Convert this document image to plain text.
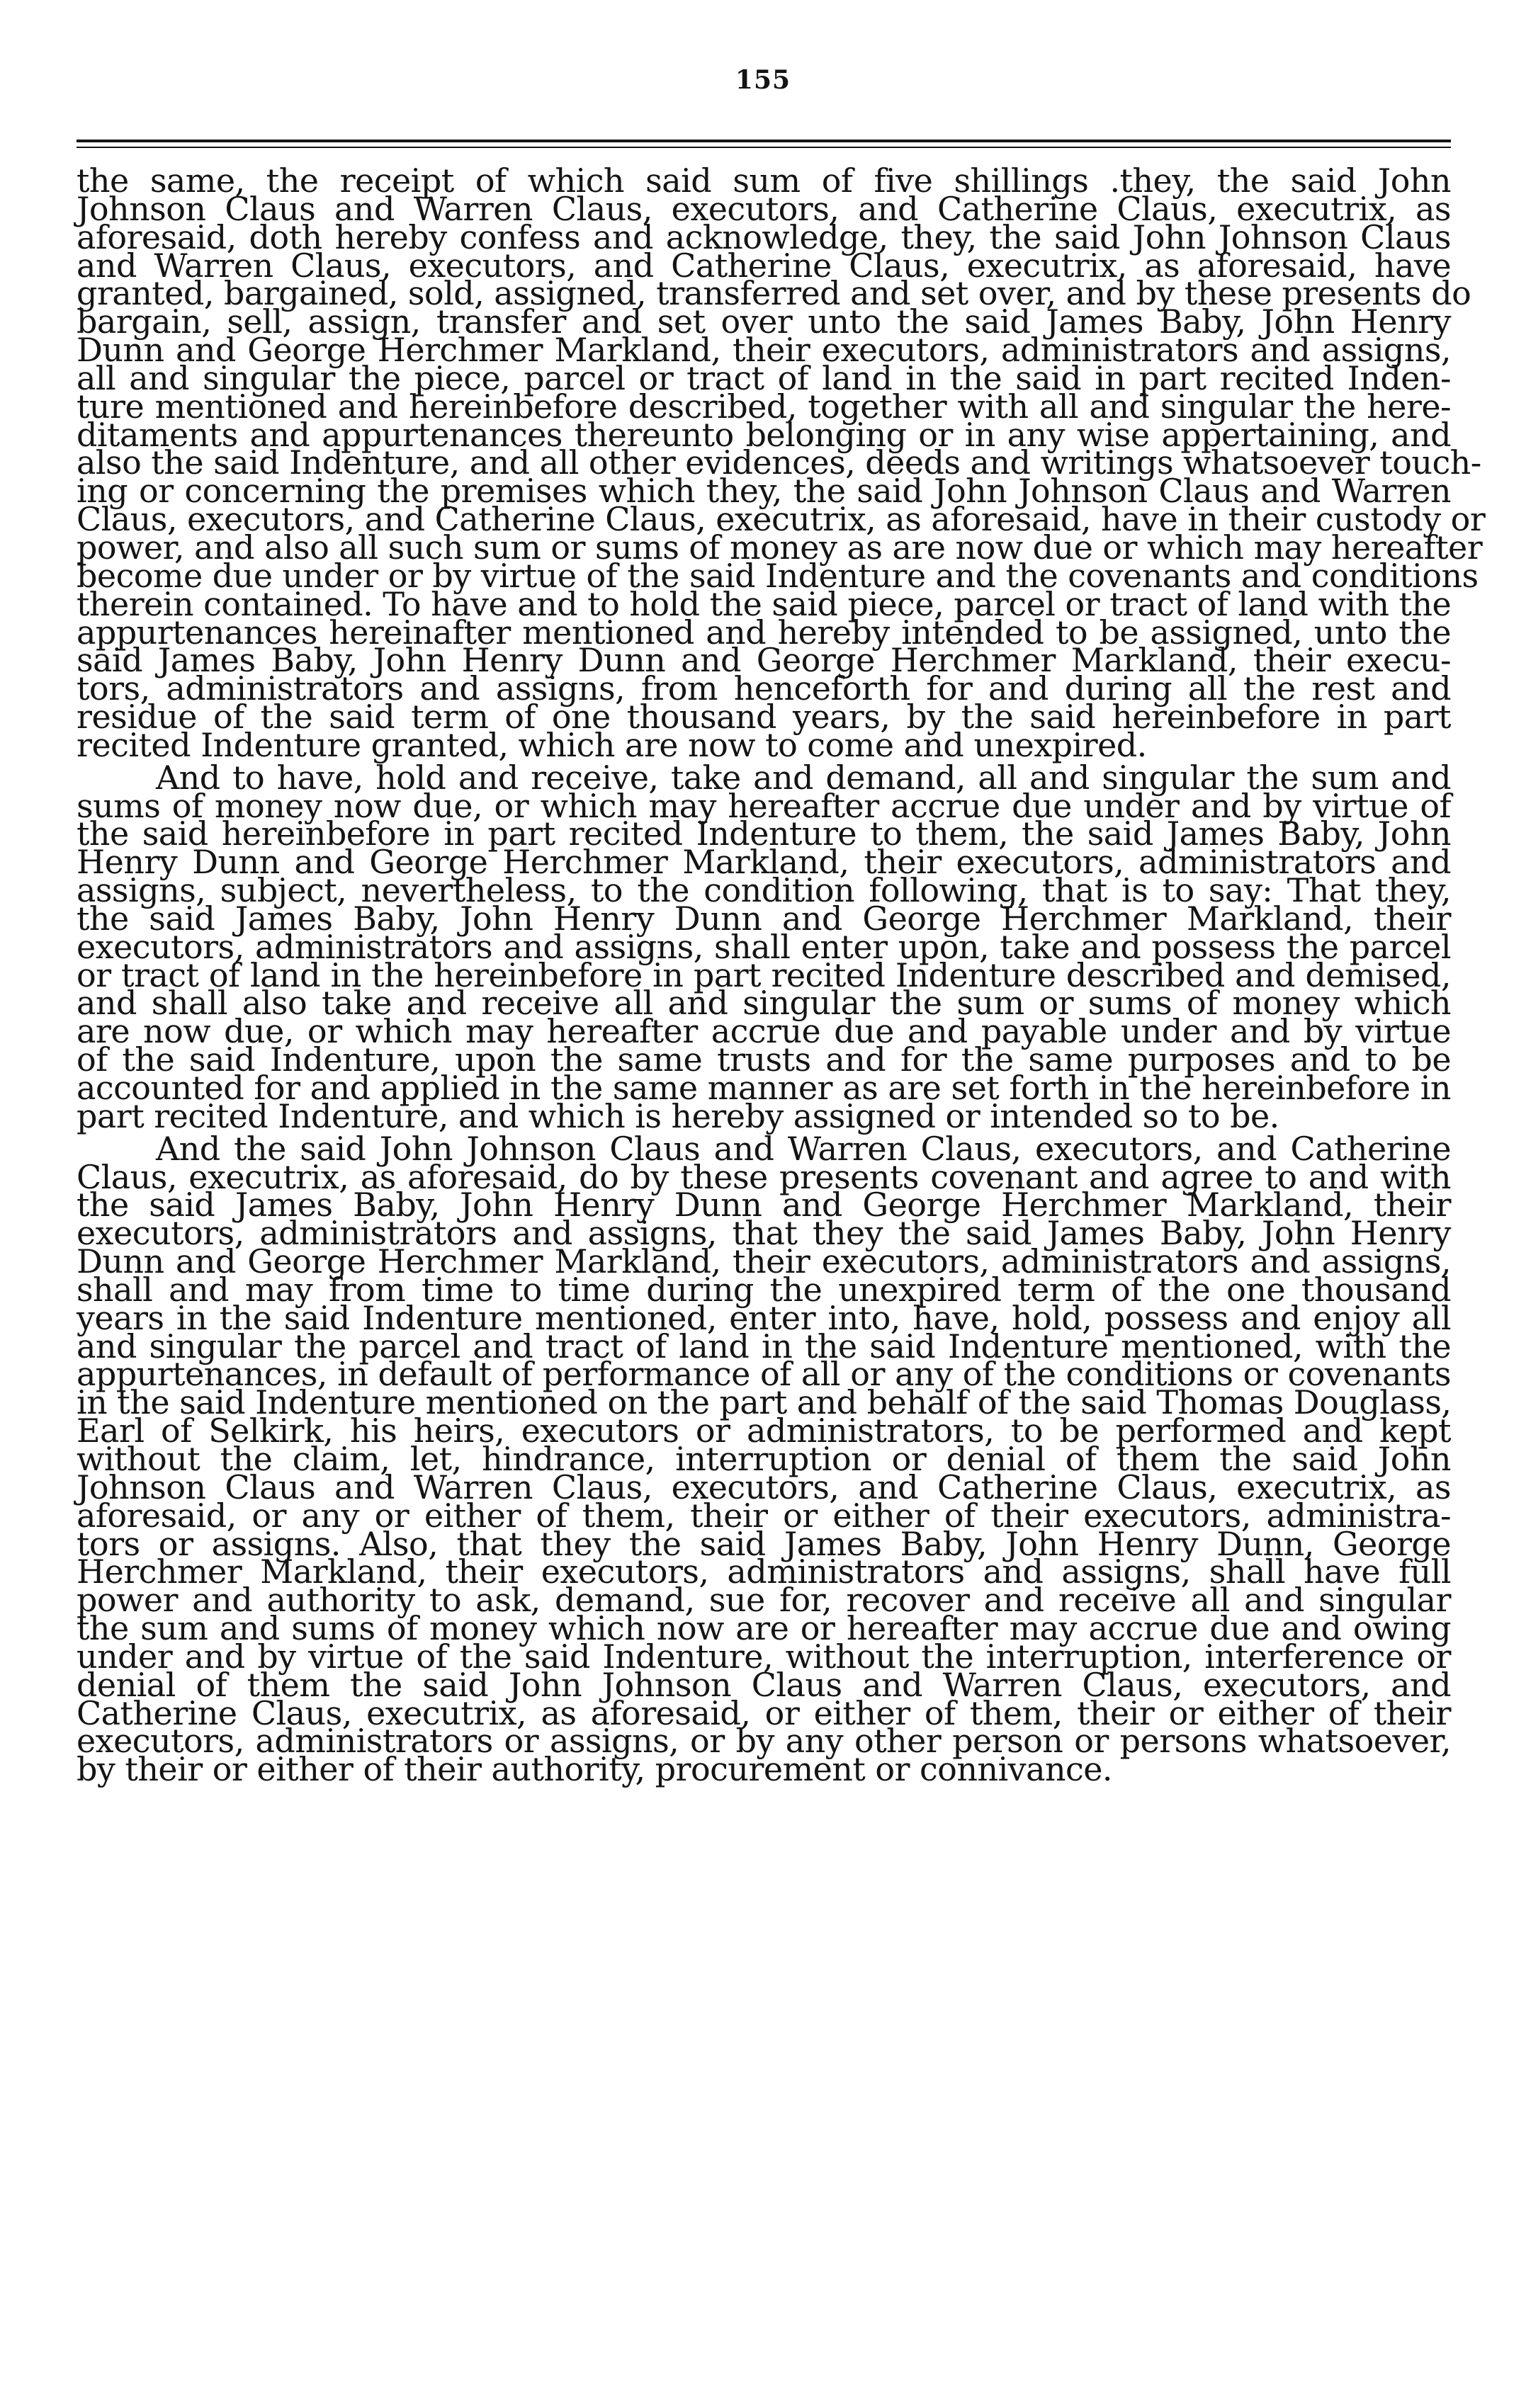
155
the same, the receipt of which said sum of five shillings .they, the said John
Johnson Claus and Warren Claus, executors, and Catherine Claus, executrix, as
aforesaid, doth hereby confess and acknowledge, they, the said John Johnson Claus
and Warren Claus, executors, and Catherine Claus, executrix, as aforesaid, have
granted, bargained, sold, assigned, transferred and set over, and by these presents do
bargain, sell, assign, transfer and set over unto the said James Baby, John Henry
Dunn and George Herchmer Markland, their executors, administrators and assigns,
all and singular the piece, parcel or tract of land in the said in part recited Inden-
ture mentioned and hereinbefore described, together with all and singular the here-
ditaments and appurtenances thereunto belonging or in any wise appertaining, and
also the said Indenture, and all other evidences, deeds and writings whatsoever touch-
ing or concerning the premises which they, the said John Johnson Claus and Warren
Claus, executors, and Catherine Claus, executrix, as aforesaid, have in their custody or
power, and also all such sum or sums of money as are now due or which may hereafter
become due under or by virtue of the said Indenture and the covenants and conditions
therein contained. To have and to hold the said piece, parcel or tract of land with the
appurtenances hereinafter mentioned and hereby intended to be assigned, unto the
said James Baby, John Henry Dunn and George Herchmer Markland, their execu-
tors, administrators and assigns, from henceforth for and during all the rest and
residue of the said term of one thousand years, by the said hereinbefore in part
recited Indenture granted, which are now to come and unexpired.
And to have, hold and receive, take and demand, all and singular the sum and
sums of money now due, or which may hereafter accrue due under and by virtue of
the said hereinbefore in part recited Indenture to them, the said James Baby, John
Henry Dunn and George Herchmer Markland, their executors, administrators and
assigns, subject, nevertheless, to the condition following, that is to say: That they,
the said James Baby, John Henry Dunn and George Herchmer Markland, their
executors, administrators and assigns, shall enter upon, take and possess the parcel
or tract of land in the hereinbefore in part recited Indenture described and demised,
and shall also take and receive all and singular the sum or sums of money which
are now due, or which may hereafter accrue due and payable under and by virtue
of the said Indenture, upon the same trusts and for the same purposes and to be
accounted for and applied in the same manner as are set forth in the hereinbefore in
part recited Indenture, and which is hereby assigned or intended so to be.
And the said John Johnson Claus and Warren Claus, executors, and Catherine
Claus, executrix, as aforesaid, do by these presents covenant and agree to and with
the said James Baby, John Henry Dunn and George Herchmer Markland, their
executors, administrators and assigns, that they the said James Baby, John Henry
Dunn and George Herchmer Markland, their executors, administrators and assigns,
shall and may from time to time during the unexpired term of the one thousand
years in the said Indenture mentioned, enter into, have, hold, possess and enjoy all
and singular the parcel and tract of land in the said Indenture mentioned, with the
appurtenances, in default of performance of all or any of the conditions or covenants
in the said Indenture mentioned on the part and behalf of the said Thomas Douglass,
Earl of Selkirk, his heirs, executors or administrators, to be performed and kept
without the claim, let, hindrance, interruption or denial of them the said John
Johnson Claus and Warren Claus, executors, and Catherine Claus, executrix, as
aforesaid, or any or either of them, their or either of their executors, administra-
tors or assigns. Also, that they the said James Baby, John Henry Dunn, George
Herchmer Markland, their executors, administrators and assigns, shall have full
power and authority to ask, demand, sue for, recover and receive all and singular
the sum and sums of money which now are or hereafter may accrue due and owing
under and by virtue of the said Indenture, without the interruption, interference or
denial of them the said John Johnson Claus and Warren Claus, executors, and
Catherine Claus, executrix, as aforesaid, or either of them, their or either of their
executors, administrators or assigns, or by any other person or persons whatsoever,
by their or either of their authority, procurement or connivance.
